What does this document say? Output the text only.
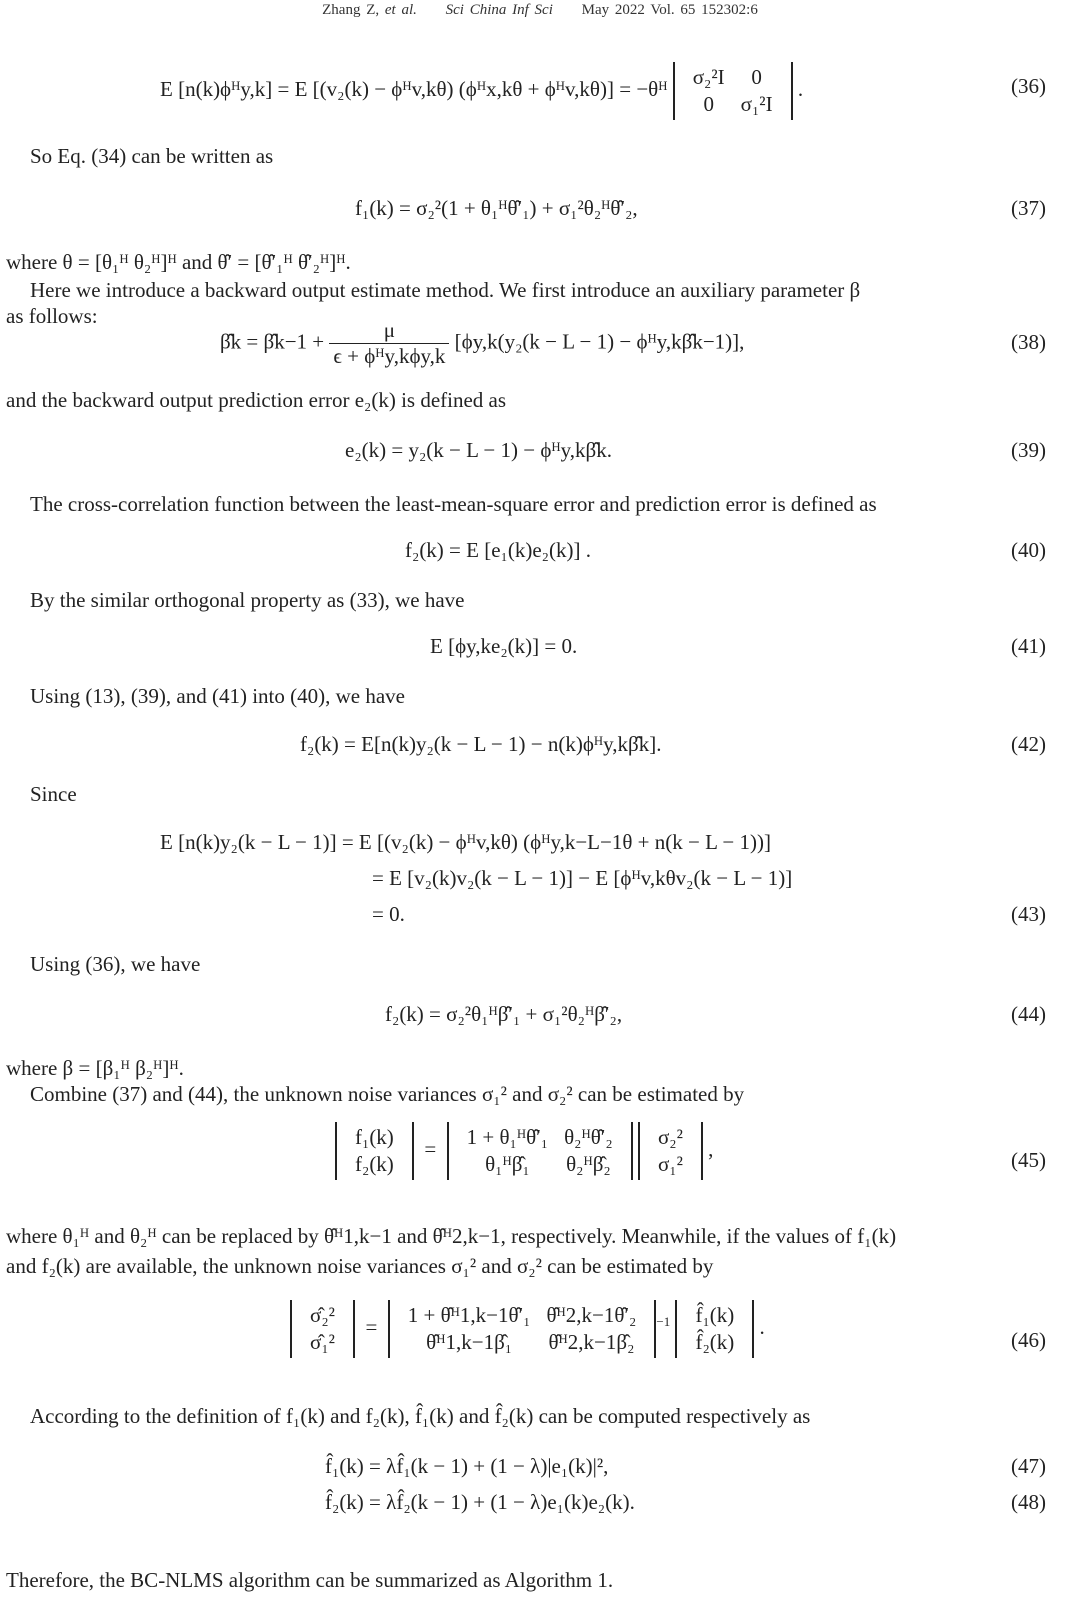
Zhang Z, et al. Sci China Inf Sci May 2022 Vol. 65 152302:6
E [n(k)ϕᴴy,k] = E [(v₂(k) − ϕᴴv,kθ) (ϕᴴx,kθ + ϕᴴv,kθ)] = −θᴴ σ₂²I	0
0	σ₁²I
.	(36)
So Eq. (34) can be written as
f₁(k) = σ₂²(1 + θ₁ᴴθ̂′₁) + σ₁²θ₂ᴴθ̂′₂,	(37)
where θ = [θ₁ᴴ θ₂ᴴ]ᴴ and θ̂′ = [θ̂′₁ᴴ θ̂′₂ᴴ]ᴴ.
Here we introduce a backward output estimate method. We first introduce an auxiliary parameter β
as follows:
β̂k = β̂k−1 + $\frac{\mu}{\text{ϵ + ϕᴴy,kϕy,k}} [\phi y,k(y_2(k - L - 1)$ − ϕᴴy,kβ̂k−1)],	(38)
and the backward output prediction error e₂(k) is defined as
e₂(k) = y₂(k − L − 1) − ϕᴴy,kβ̂k.	(39)
The cross-correlation function between the least-mean-square error and prediction error is defined as
f₂(k) = E [e₁(k)e₂(k)] .	(40)
By the similar orthogonal property as (33), we have
E [ϕy,ke₂(k)] = 0.	(41)
Using (13), (39), and (41) into (40), we have
f₂(k) = E[n(k)y₂(k − L − 1) − n(k)ϕᴴy,kβ̂k].	(42)
Since
E [n(k)y₂(k − L − 1)] = E [(v₂(k) − ϕᴴv,kθ) (ϕᴴy,k−L−1θ + n(k − L − 1))]
= E [v₂(k)v₂(k − L − 1)] − E [ϕᴴv,kθv₂(k − L − 1)]
= 0.	(43)
Using (36), we have
f₂(k) = σ₂²θ₁ᴴβ̂′₁ + σ₁²θ₂ᴴβ̂′₂,	(44)
where β = [β₁ᴴ β₂ᴴ]ᴴ.
Combine (37) and (44), the unknown noise variances σ₁² and σ₂² can be estimated by
f₁(k)
f₂(k)
= 1 + θ₁ᴴθ̂′₁	θ₂ᴴθ̂′₂
θ₁ᴴβ̂₁	θ₂ᴴβ̂₂

σ₂²
σ₁²
,	(45)
where θ₁ᴴ and θ₂ᴴ can be replaced by θ̂ᴴ1,k−1 and θ̂ᴴ2,k−1, respectively. Meanwhile, if the values of f₁(k)
and f₂(k) are available, the unknown noise variances σ₁² and σ₂² can be estimated by
σ̂₂²
σ̂₁²
= 1 + θ̂ᴴ1,k−1θ̂′₁	θ̂ᴴ2,k−1θ̂′₂
θ̂ᴴ1,k−1β̂₁	θ̂ᴴ2,k−1β̂₂
$^{-1}$ f̂₁(k)
f̂₂(k)
.
(46)
According to the definition of f₁(k) and f₂(k), f̂₁(k) and f̂₂(k) can be computed respectively as
f̂₁(k) = λf̂₁(k − 1) + (1 − λ)|e₁(k)|²,	(47)
f̂₂(k) = λf̂₂(k − 1) + (1 − λ)e₁(k)e₂(k).	(48)
Therefore, the BC-NLMS algorithm can be summarized as Algorithm 1.
